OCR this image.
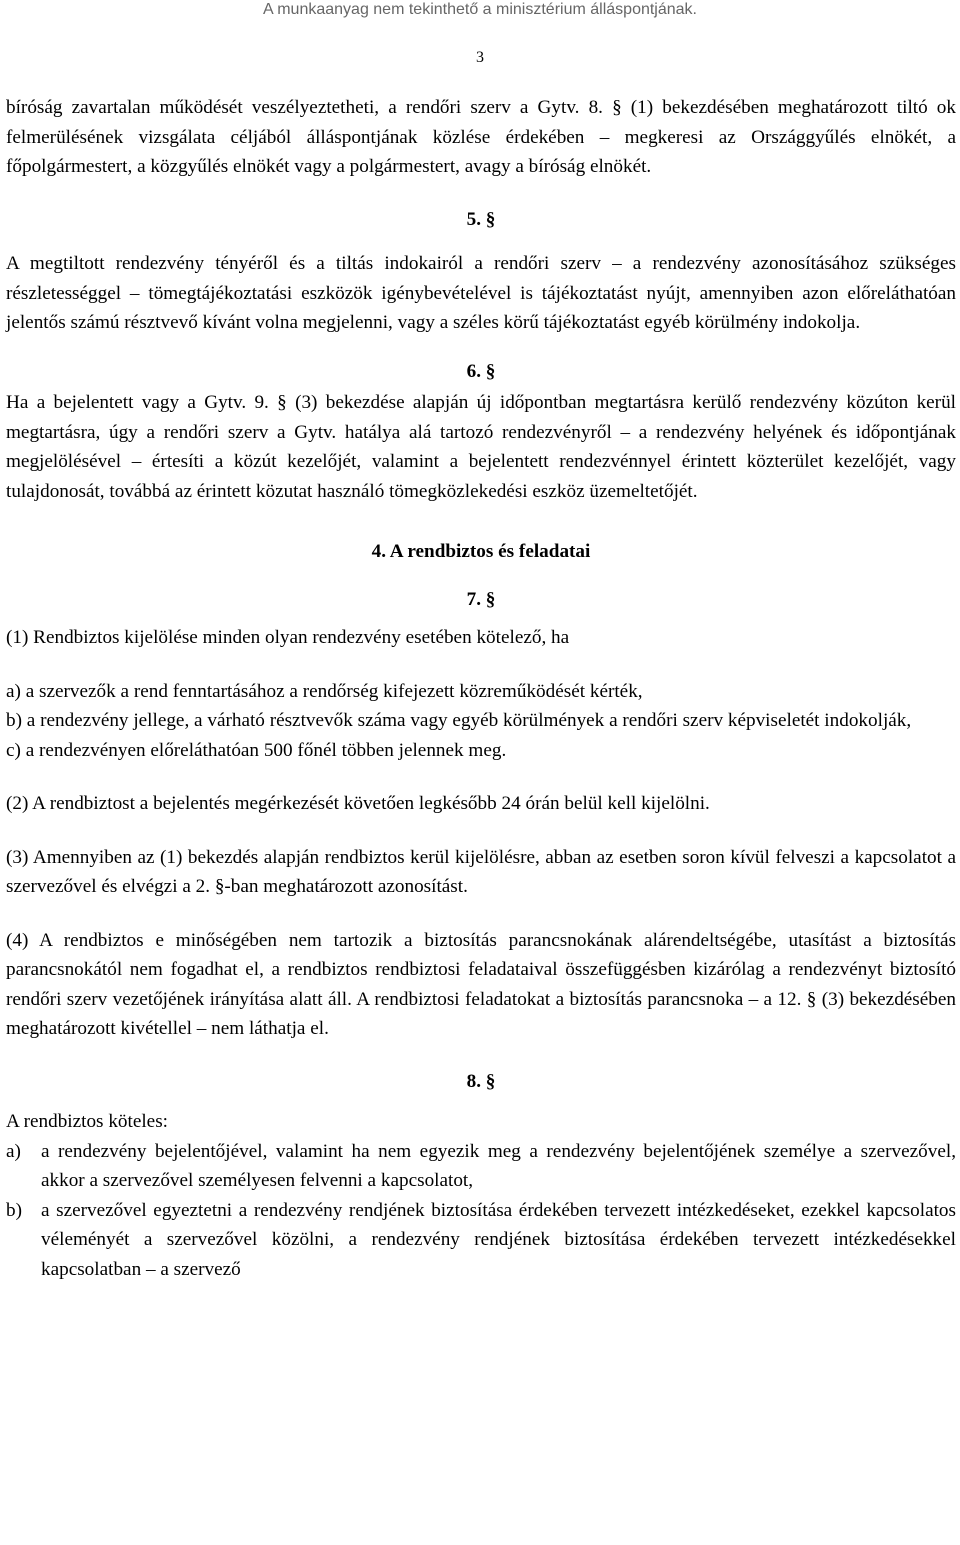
A munkaanyag nem tekinthető a minisztérium álláspontjának.
3

bíróság zavartalan működését veszélyeztetheti, a rendőri szerv a Gytv. 8. § (1) bekezdésében meghatározott tiltó ok felmerülésének vizsgálata céljából álláspontjának közlése érdekében – megkeresi az Országgyűlés elnökét, a főpolgármestert, a közgyűlés elnökét vagy a polgármestert, avagy a bíróság elnökét.

5. §

A megtiltott rendezvény tényéről és a tiltás indokairól a rendőri szerv – a rendezvény azonosításához szükséges részletességgel – tömegtájékoztatási eszközök igénybevételével is tájékoztatást nyújt, amennyiben azon előreláthatóan jelentős számú résztvevő kívánt volna megjelenni, vagy a széles körű tájékoztatást egyéb körülmény indokolja.

6. §

Ha a bejelentett vagy a Gytv. 9. § (3) bekezdése alapján új időpontban megtartásra kerülő rendezvény közúton kerül megtartásra, úgy a rendőri szerv a Gytv. hatálya alá tartozó rendezvényről – a rendezvény helyének és időpontjának megjelölésével – értesíti a közút kezelőjét, valamint a bejelentett rendezvénnyel érintett közterület kezelőjét, vagy tulajdonosát, továbbá az érintett közutat használó tömegközlekedési eszköz üzemeltetőjét.

4. A rendbiztos és feladatai

7. §

(1) Rendbiztos kijelölése minden olyan rendezvény esetében kötelező, ha

a) a szervezők a rend fenntartásához a rendőrség kifejezett közreműködését kérték,

b) a rendezvény jellege, a várható résztvevők száma vagy egyéb körülmények a rendőri szerv képviseletét indokolják,

c) a rendezvényen előreláthatóan 500 főnél többen jelennek meg.

(2) A rendbiztost a bejelentés megérkezését követően legkésőbb 24 órán belül kell kijelölni.

(3) Amennyiben az (1) bekezdés alapján rendbiztos kerül kijelölésre, abban az esetben soron kívül felveszi a kapcsolatot a szervezővel és elvégzi a 2. §-ban meghatározott azonosítást.

(4) A rendbiztos e minőségében nem tartozik a biztosítás parancsnokának alárendeltségébe, utasítást a biztosítás parancsnokától nem fogadhat el, a rendbiztos rendbiztosi feladataival összefüggésben kizárólag a rendezvényt biztosító rendőri szerv vezetőjének irányítása alatt áll. A rendbiztosi feladatokat a biztosítás parancsnoka – a 12. § (3) bekezdésében meghatározott kivétellel – nem láthatja el.

8. §

A rendbiztos köteles:

a) a rendezvény bejelentőjével, valamint ha nem egyezik meg a rendezvény bejelentőjének személye a szervezővel, akkor a szervezővel személyesen felvenni a kapcsolatot,
b) a szervezővel egyeztetni a rendezvény rendjének biztosítása érdekében tervezett intézkedéseket, ezekkel kapcsolatos véleményét a szervezővel közölni, a rendezvény rendjének biztosítása érdekében tervezett intézkedésekkel kapcsolatban – a szervező
